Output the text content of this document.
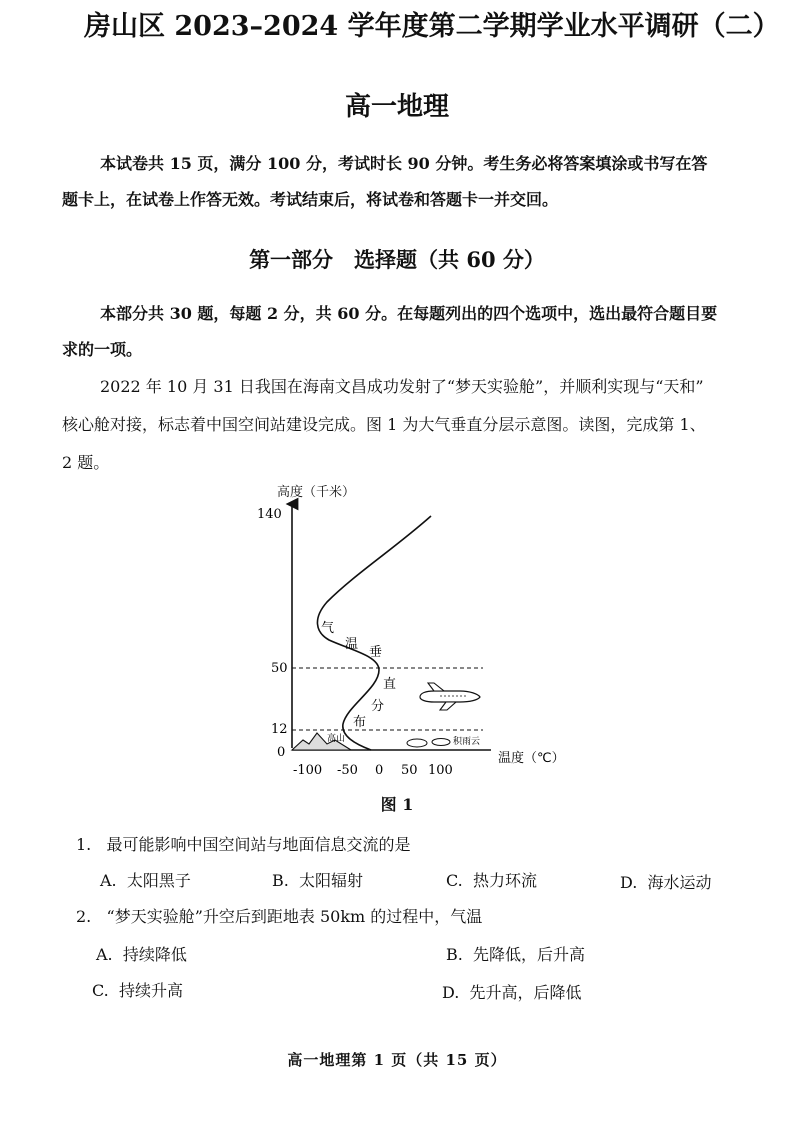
房山区 2023–2024 学年度第二学期学业水平调研（二）
高一地理
本试卷共 15 页，满分 100 分，考试时长 90 分钟。考生务必将答案填涂或书写在答
题卡上，在试卷上作答无效。考试结束后，将试卷和答题卡一并交回。
第一部分　选择题（共 60 分）
本部分共 30 题，每题 2 分，共 60 分。在每题列出的四个选项中，选出最符合题目要
求的一项。
2022 年 10 月 31 日我国在海南文昌成功发射了“梦天实验舱”，并顺利实现与“天和”
核心舱对接，标志着中国空间站建设完成。图 1 为大气垂直分层示意图。读图，完成第 1、
2 题。
高度（千米）
140
50
12
0
-100 -50 0 50 100
温度（℃）
气
温
垂
直
分
布
高山	积雨云
图 1
1. 最可能影响中国空间站与地面信息交流的是
A. 太阳黑子	B. 太阳辐射	C. 热力环流	D. 海水运动
2. “梦天实验舱”升空后到距地表 50km 的过程中，气温
A. 持续降低	B. 先降低，后升高
C. 持续升高	D. 先升高，后降低
高一地理第 1 页（共 15 页）
